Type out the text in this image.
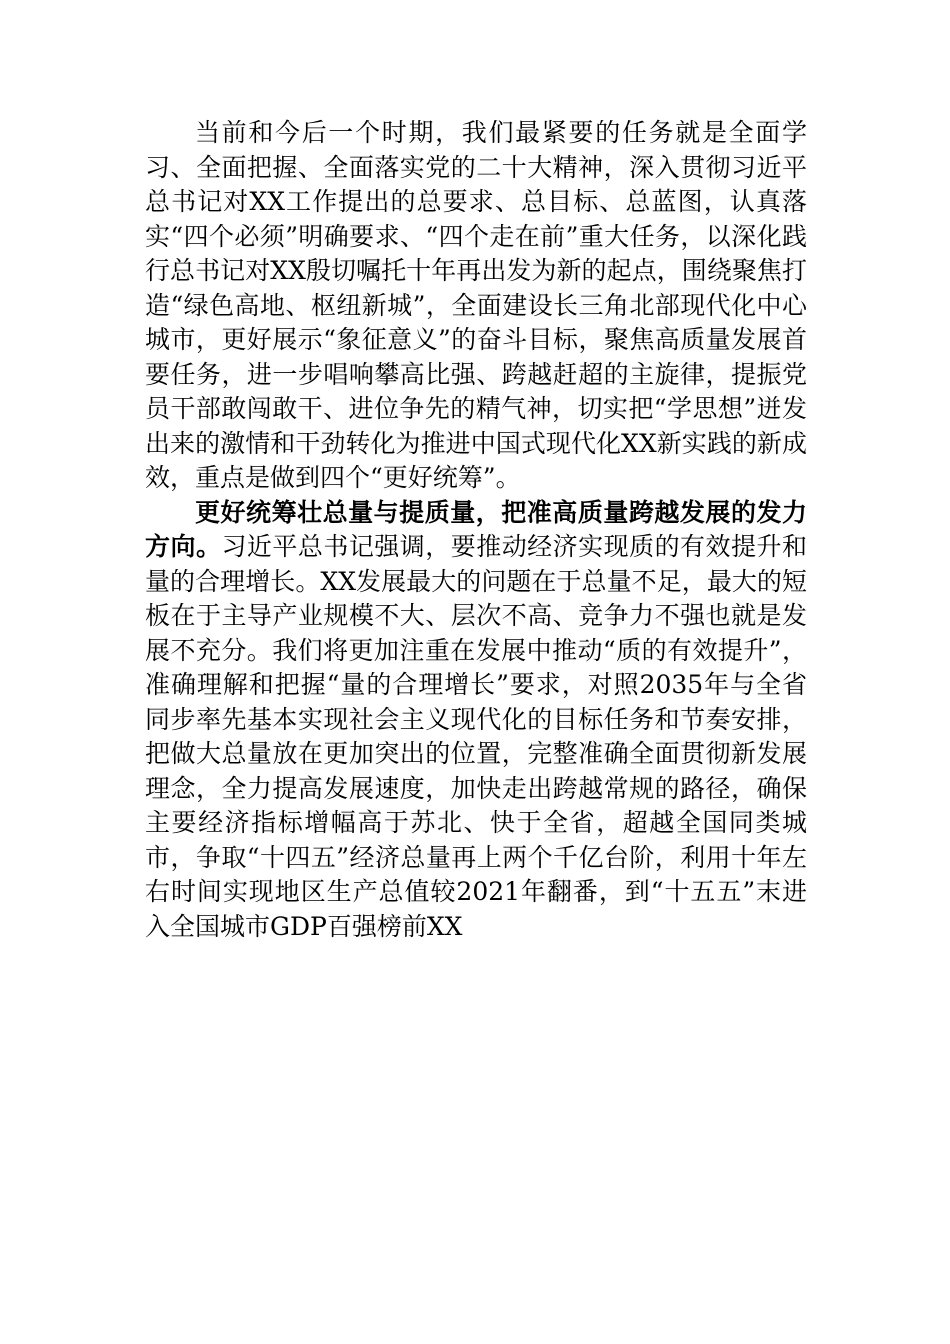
当前和今后一个时期，我们最紧要的任务就是全面学习、全面把握、全面落实党的二十大精神，深入贯彻习近平总书记对XX工作提出的总要求、总目标、总蓝图，认真落实“四个必须”明确要求、“四个走在前”重大任务，以深化践行总书记对XX殷切嘱托十年再出发为新的起点，围绕聚焦打造“绿色高地、枢纽新城”，全面建设长三角北部现代化中心城市，更好展示“象征意义”的奋斗目标，聚焦高质量发展首要任务，进一步唱响攀高比强、跨越赶超的主旋律，提振党员干部敢闯敢干、进位争先的精气神，切实把“学思想”迸发出来的激情和干劲转化为推进中国式现代化XX新实践的新成效，重点是做到四个“更好统筹”。

更好统筹壮总量与提质量，把准高质量跨越发展的发力方向。习近平总书记强调，要推动经济实现质的有效提升和量的合理增长。XX发展最大的问题在于总量不足，最大的短板在于主导产业规模不大、层次不高、竞争力不强也就是发展不充分。我们将更加注重在发展中推动“质的有效提升”，准确理解和把握“量的合理增长”要求，对照2035年与全省同步率先基本实现社会主义现代化的目标任务和节奏安排，把做大总量放在更加突出的位置，完整准确全面贯彻新发展理念，全力提高发展速度，加快走出跨越常规的路径，确保主要经济指标增幅高于苏北、快于全省，超越全国同类城市，争取“十四五”经济总量再上两个千亿台阶，利用十年左右时间实现地区生产总值较2021年翻番，到“十五五”末进入全国城市GDP百强榜前XX
